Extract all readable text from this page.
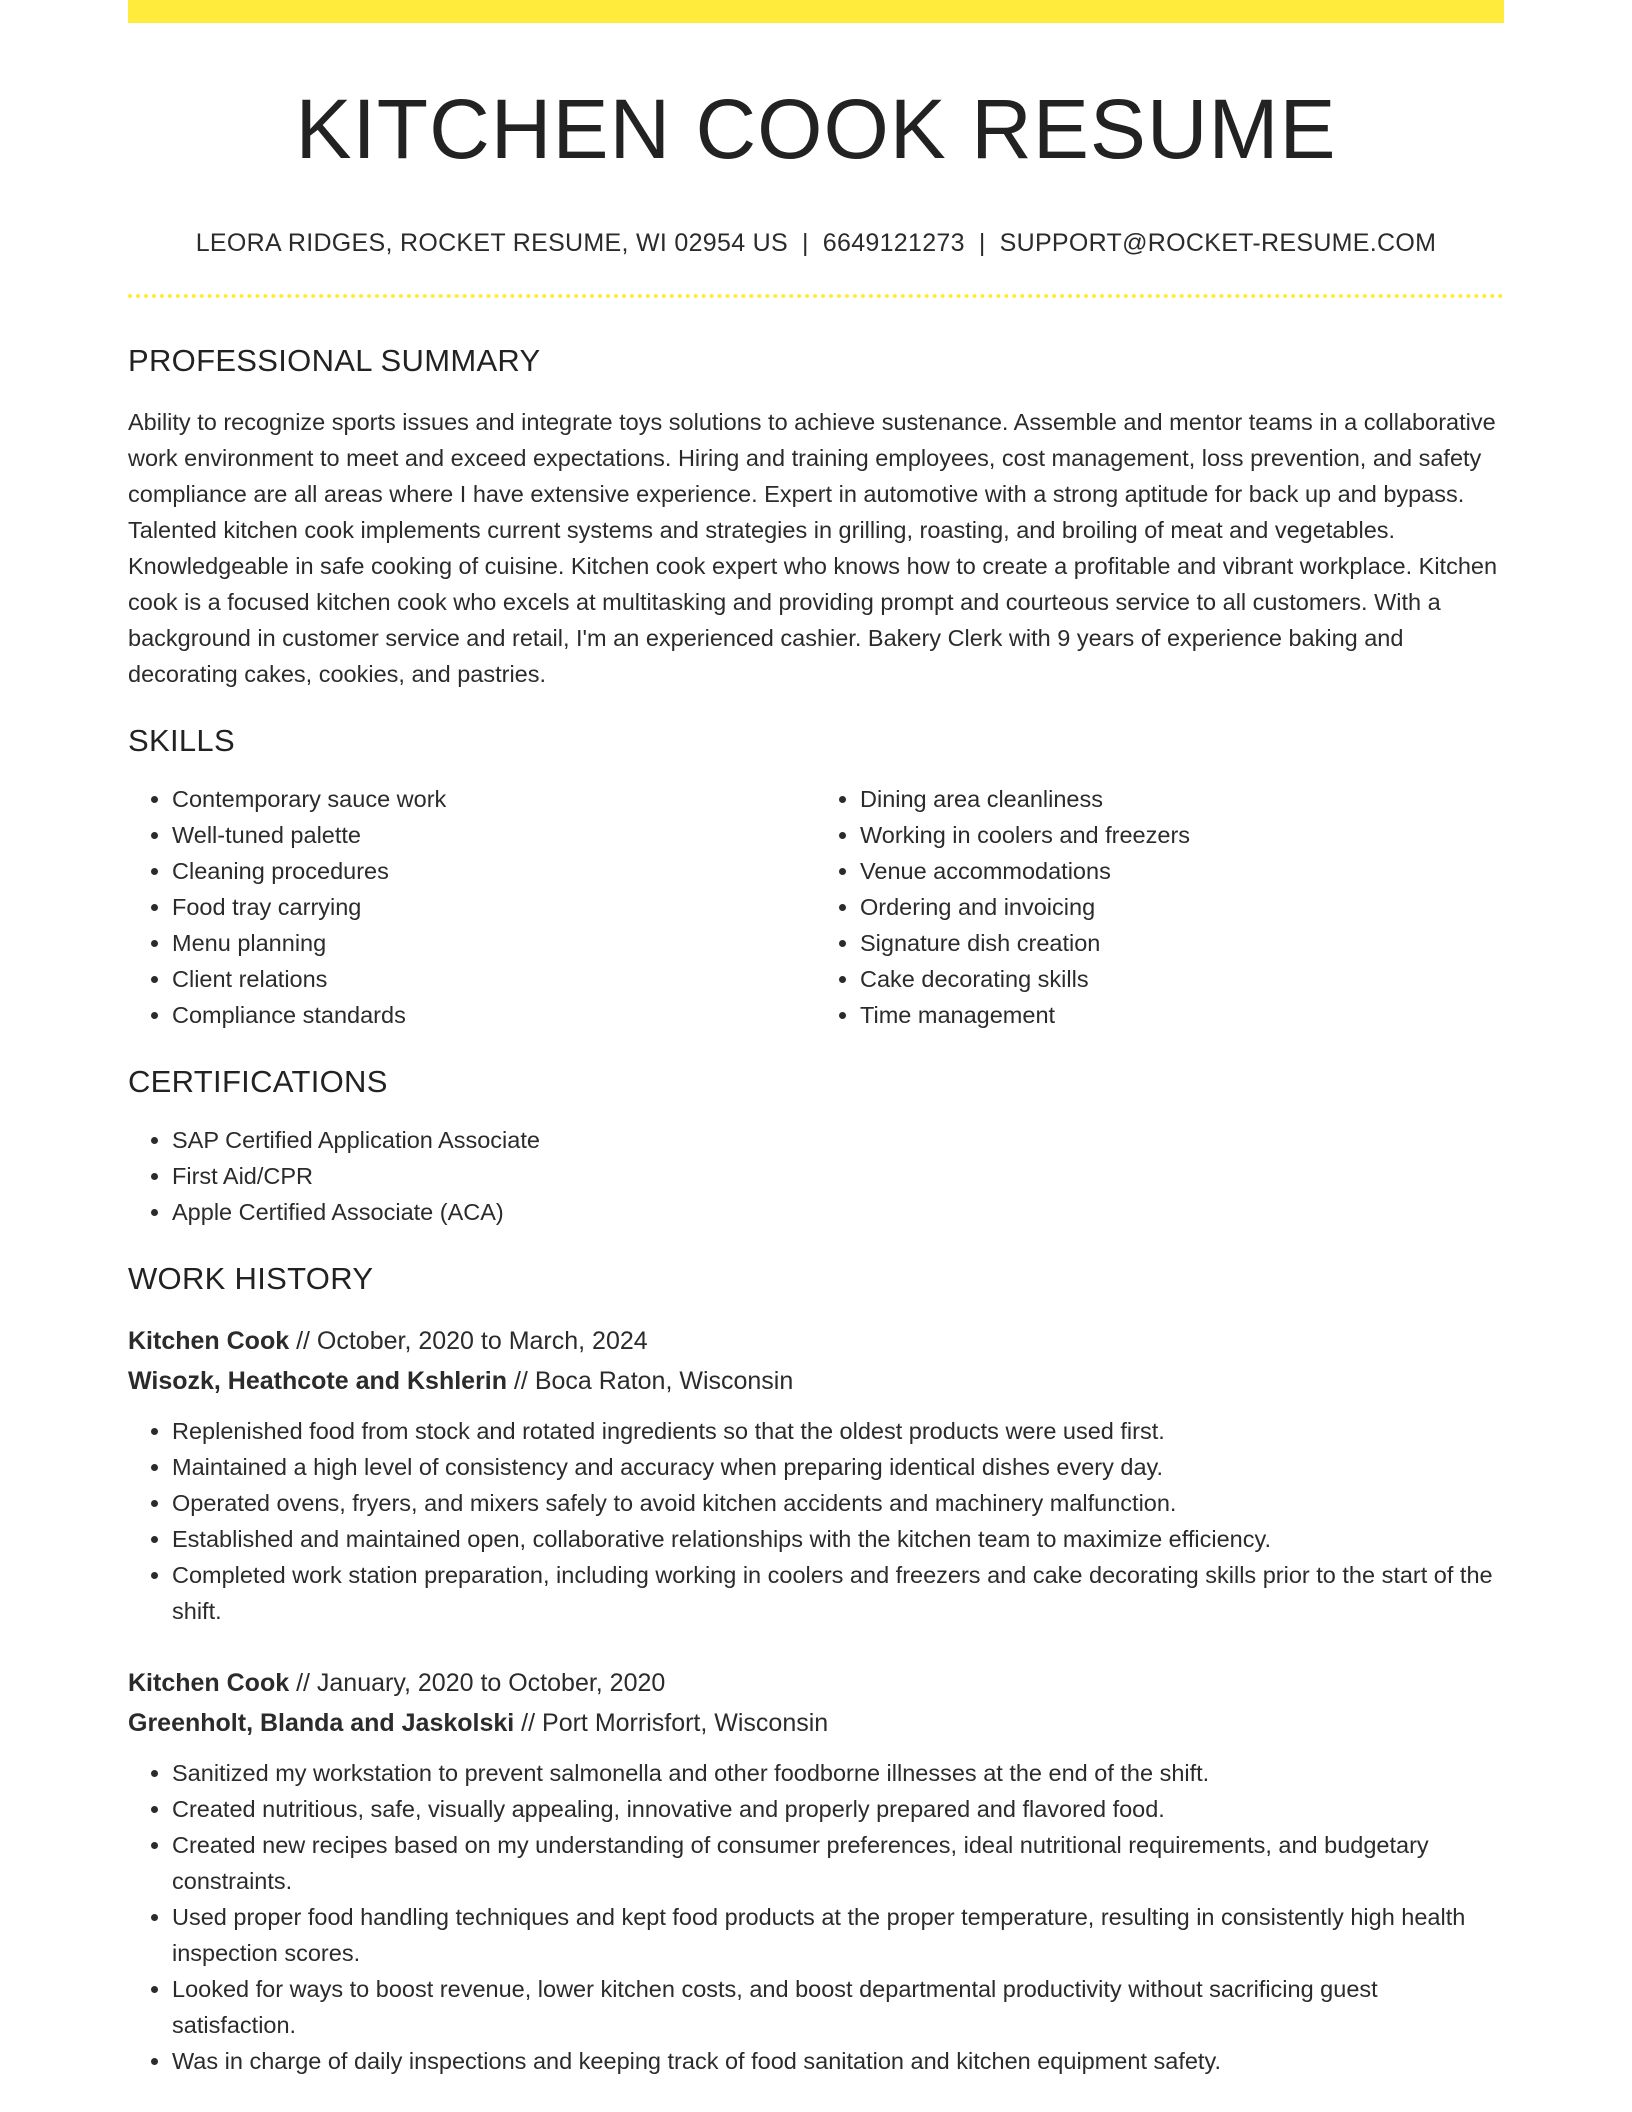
KITCHEN COOK RESUME
LEORA RIDGES, ROCKET RESUME, WI 02954 US | 6649121273 | SUPPORT@ROCKET-RESUME.COM
PROFESSIONAL SUMMARY

Ability to recognize sports issues and integrate toys solutions to achieve sustenance. Assemble and mentor teams in a collaborative work environment to meet and exceed expectations. Hiring and training employees, cost management, loss prevention, and safety compliance are all areas where I have extensive experience. Expert in automotive with a strong aptitude for back up and bypass. Talented kitchen cook implements current systems and strategies in grilling, roasting, and broiling of meat and vegetables. Knowledgeable in safe cooking of cuisine. Kitchen cook expert who knows how to create a profitable and vibrant workplace. Kitchen cook is a focused kitchen cook who excels at multitasking and providing prompt and courteous service to all customers. With a background in customer service and retail, I'm an experienced cashier. Bakery Clerk with 9 years of experience baking and decorating cakes, cookies, and pastries.

SKILLS
• Contemporary sauce work
• Well-tuned palette
• Cleaning procedures
• Food tray carrying
• Menu planning
• Client relations
• Compliance standards
• Dining area cleanliness
• Working in coolers and freezers
• Venue accommodations
• Ordering and invoicing
• Signature dish creation
• Cake decorating skills
• Time management
CERTIFICATIONS
• SAP Certified Application Associate
• First Aid/CPR
• Apple Certified Associate (ACA)
WORK HISTORY
Kitchen Cook // October, 2020 to March, 2024
Wisozk, Heathcote and Kshlerin // Boca Raton, Wisconsin
• Replenished food from stock and rotated ingredients so that the oldest products were used first.
• Maintained a high level of consistency and accuracy when preparing identical dishes every day.
• Operated ovens, fryers, and mixers safely to avoid kitchen accidents and machinery malfunction.
• Established and maintained open, collaborative relationships with the kitchen team to maximize efficiency.
• Completed work station preparation, including working in coolers and freezers and cake decorating skills prior to the start of the shift.
Kitchen Cook // January, 2020 to October, 2020
Greenholt, Blanda and Jaskolski // Port Morrisfort, Wisconsin
• Sanitized my workstation to prevent salmonella and other foodborne illnesses at the end of the shift.
• Created nutritious, safe, visually appealing, innovative and properly prepared and flavored food.
• Created new recipes based on my understanding of consumer preferences, ideal nutritional requirements, and budgetary constraints.
• Used proper food handling techniques and kept food products at the proper temperature, resulting in consistently high health inspection scores.
• Looked for ways to boost revenue, lower kitchen costs, and boost departmental productivity without sacrificing guest satisfaction.
• Was in charge of daily inspections and keeping track of food sanitation and kitchen equipment safety.
